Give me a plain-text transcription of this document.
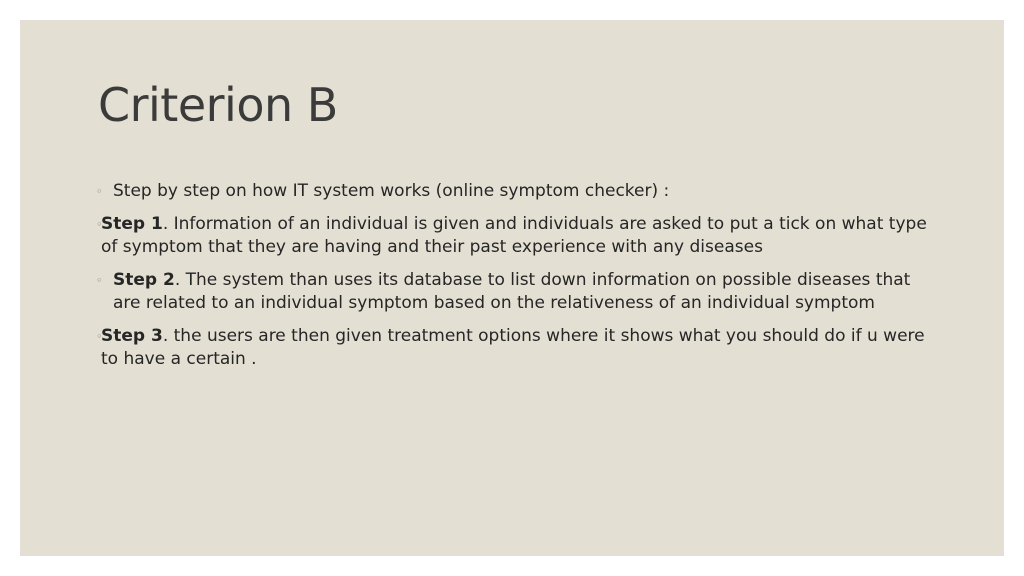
Criterion B
◦ Step by step on how IT system works (online symptom checker) :
◦
Step 1. Information of an individual is given and individuals are asked to put a tick on what type of symptom that they are having and their past experience with any diseases
◦ Step 2. The system than uses its database to list down information on possible diseases that are related to an individual symptom based on the relativeness of an individual symptom
◦
Step 3. the users are then given treatment options where it shows what you should do if u were to have a certain .
